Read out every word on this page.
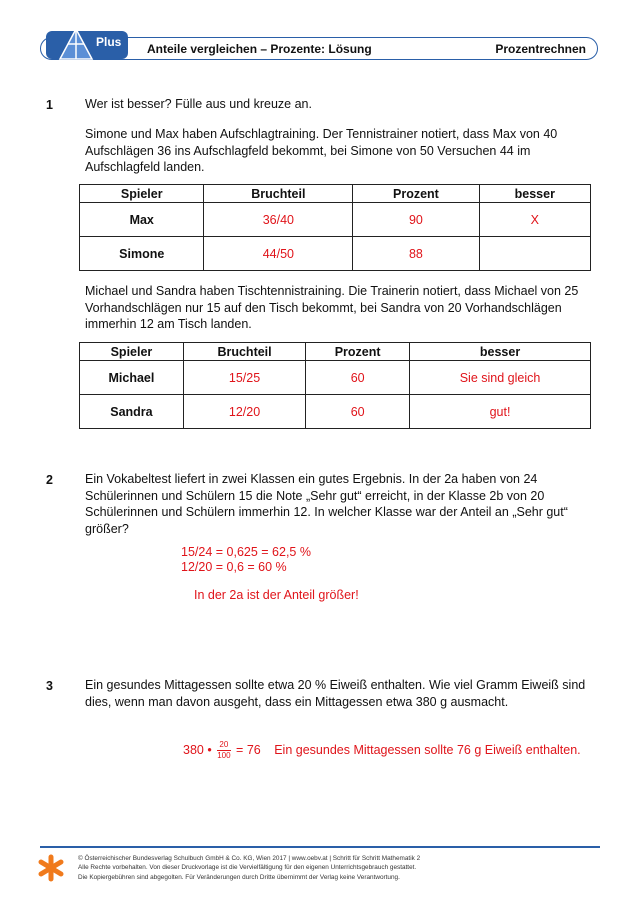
Plus Anteile vergleichen – Prozente: Lösung	Prozentrechnen
1	Wer ist besser? Fülle aus und kreuze an.
Simone und Max haben Aufschlagtraining. Der Tennistrainer notiert, dass Max von 40 Aufschlägen 36 ins Aufschlagfeld bekommt, bei Simone von 50 Versuchen 44 im Aufschlagfeld landen.
Spieler	Bruchteil	Prozent	besser
Max	36/40	90	X
Simone	44/50	88	
Michael und Sandra haben Tischtennistraining. Die Trainerin notiert, dass Michael von 25 Vorhandschlägen nur 15 auf den Tisch bekommt, bei Sandra von 20 Vorhandschlägen immerhin 12 am Tisch landen.
Spieler	Bruchteil	Prozent	besser
Michael	15/25	60	Sie sind gleich
Sandra	12/20	60	gut!
2	Ein Vokabeltest liefert in zwei Klassen ein gutes Ergebnis. In der 2a haben von 24 Schülerinnen und Schülern 15 die Note „Sehr gut“ erreicht, in der Klasse 2b von 20 Schülerinnen und Schülern immerhin 12. In welcher Klasse war der Anteil an „Sehr gut“ größer?
15/24 = 0,625 = 62,5 %
12/20 = 0,6 = 60 %
In der 2a ist der Anteil größer!
3	Ein gesundes Mittagessen sollte etwa 20 % Eiweiß enthalten. Wie viel Gramm Eiweiß sind dies, wenn man davon ausgeht, dass ein Mittagessen etwa 380 g ausmacht.
380 • $\frac{20}{100} = 76$ Ein gesundes Mittagessen sollte 76 g Eiweiß enthalten.
© Österreichischer Bundesverlag Schulbuch GmbH & Co. KG, Wien 2017 | www.oebv.at | Schritt für Schritt Mathematik 2
Alle Rechte vorbehalten. Von dieser Druckvorlage ist die Vervielfältigung für den eigenen Unterrichtsgebrauch gestattet.
Die Kopiergebühren sind abgegolten. Für Veränderungen durch Dritte übernimmt der Verlag keine Verantwortung.
